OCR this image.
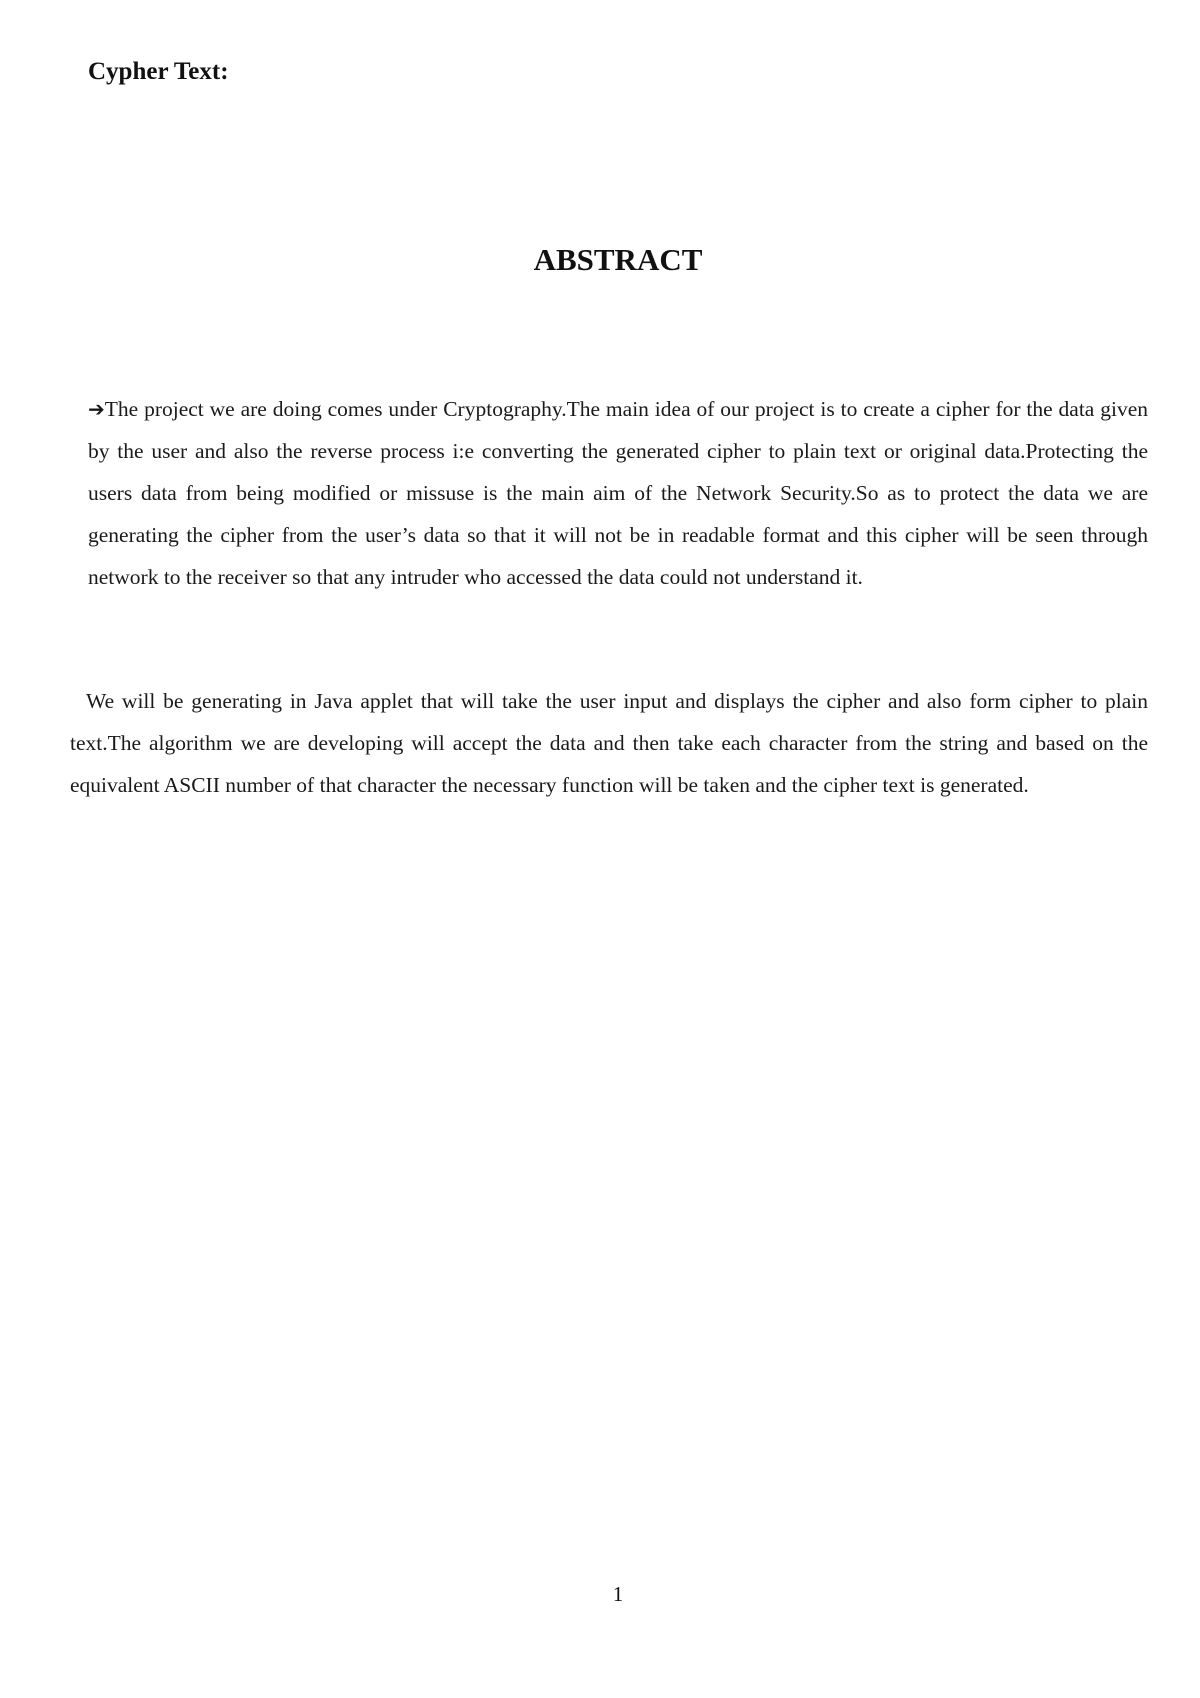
Cypher Text:
ABSTRACT

➔The project we are doing comes under Cryptography.The main idea of our project is to create a cipher for the data given by the user and also the reverse process i:e converting the generated cipher to plain text or original data.Protecting the users data from being modified or missuse is the main aim of the Network Security.So as to protect the data we are generating the cipher from the user’s data so that it will not be in readable format and this cipher will be seen through network to the receiver so that any intruder who accessed the data could not understand it.

We will be generating in Java applet that will take the user input and displays the cipher and also form cipher to plain text.The algorithm we are developing will accept the data and then take each character from the string and based on the equivalent ASCII number of that character the necessary function will be taken and the cipher text is generated.

1
